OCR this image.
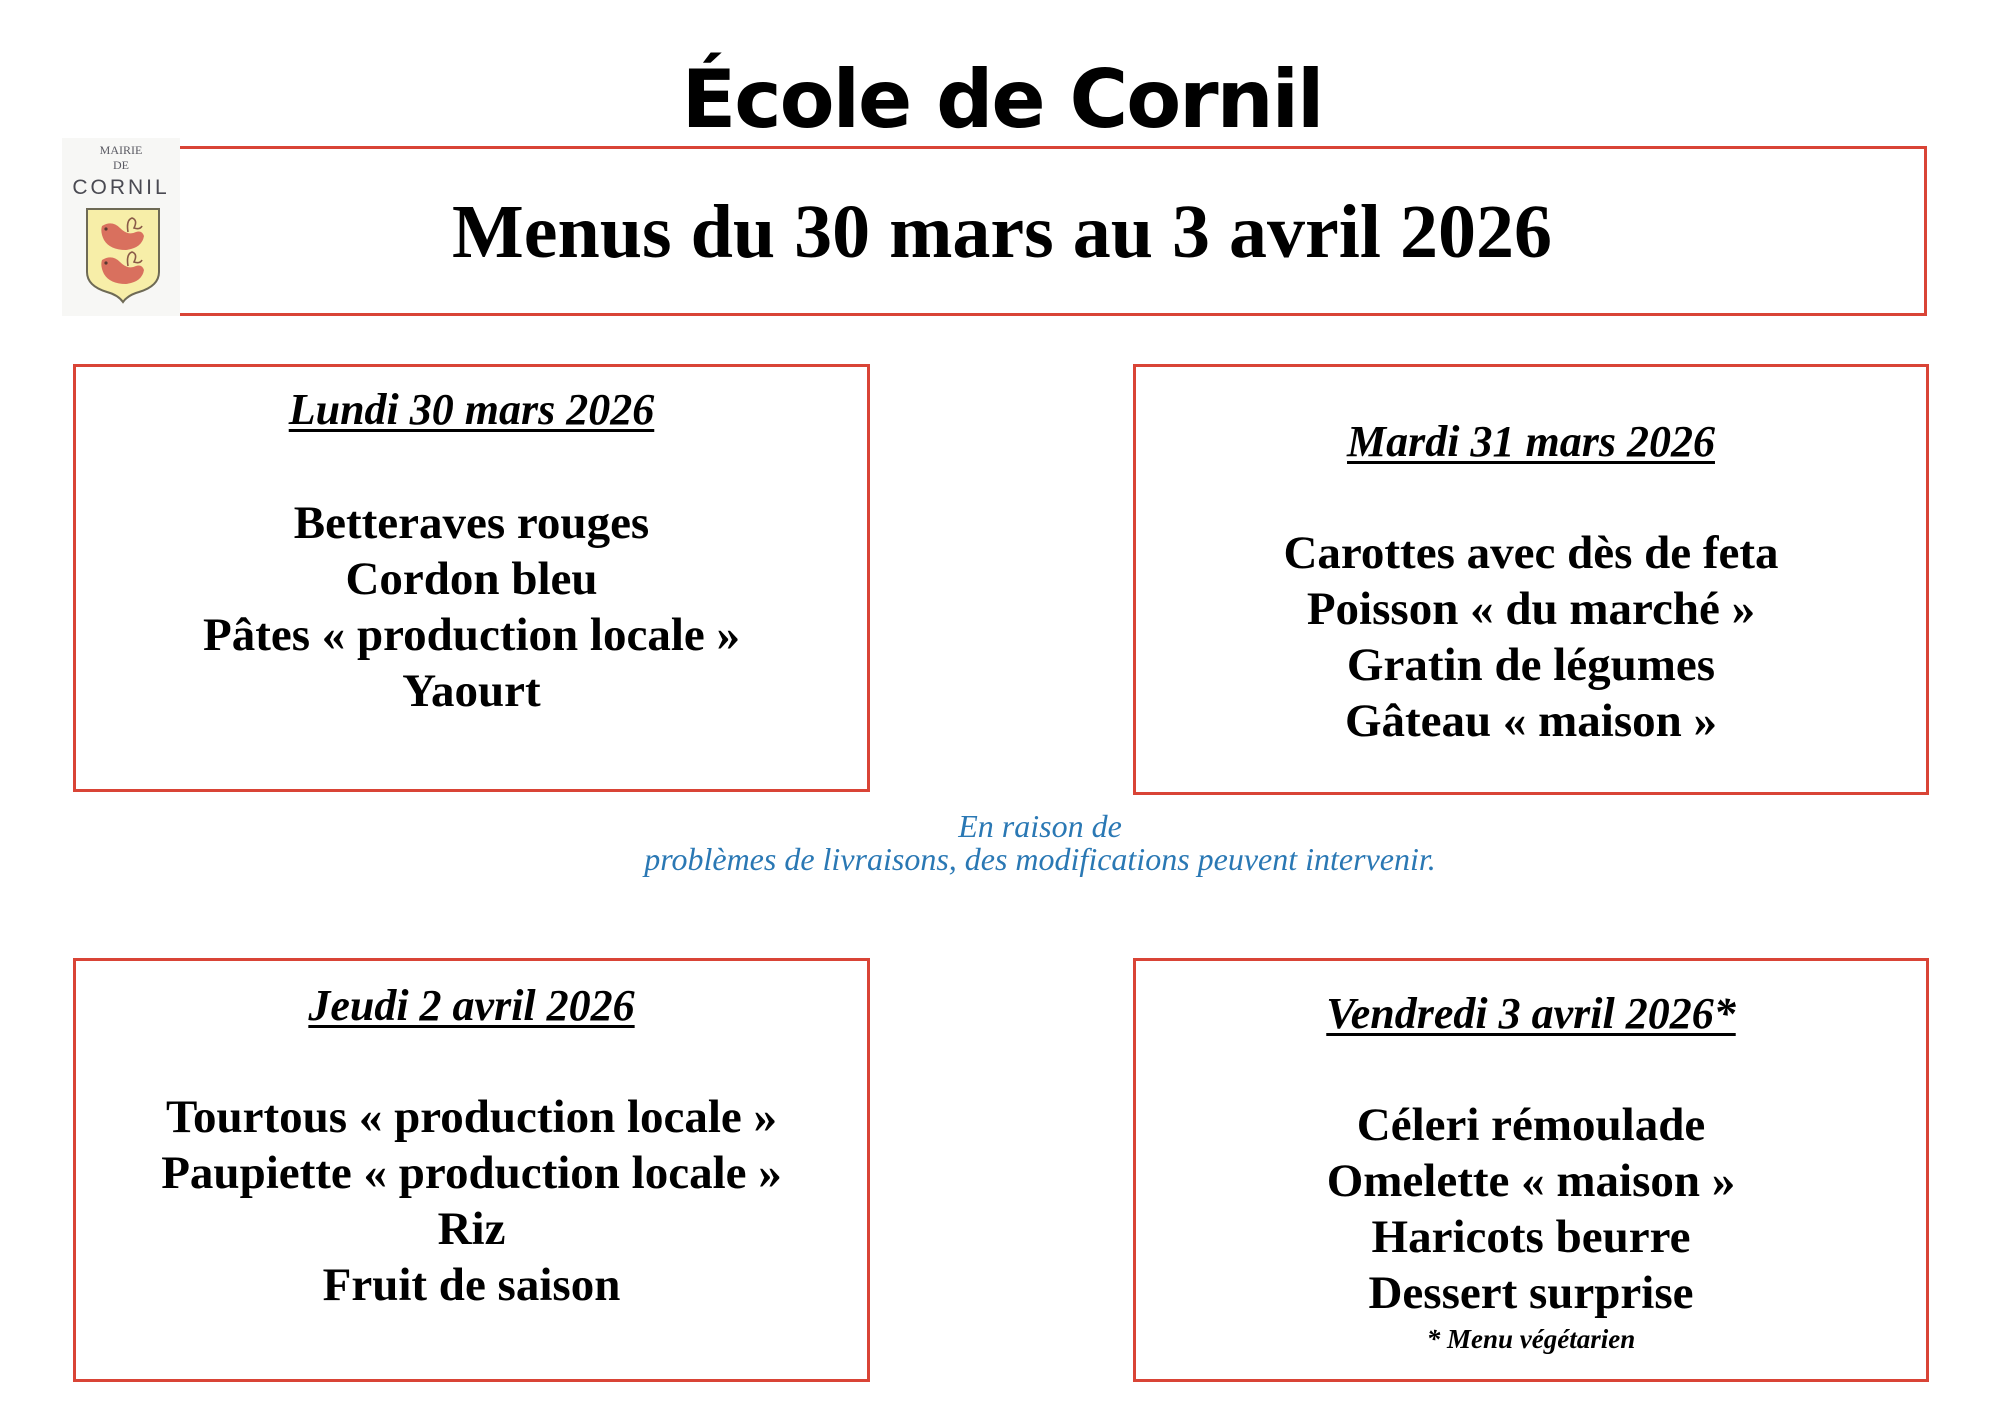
École de Cornil
MAIRIE
DE
CORNIL
Menus du 30 mars au 3 avril 2026
Lundi 30 mars 2026
Betteraves rouges
Cordon bleu
Pâtes « production locale »
Yaourt
Mardi 31 mars 2026
Carottes avec dès de feta
Poisson « du marché »
Gratin de légumes
Gâteau « maison »
En raison de
problèmes de livraisons, des modifications peuvent intervenir.
Jeudi 2 avril 2026
Tourtous « production locale »
Paupiette « production locale »
Riz
Fruit de saison
Vendredi 3 avril 2026*
Céleri rémoulade
Omelette « maison »
Haricots beurre
Dessert surprise
* Menu végétarien
